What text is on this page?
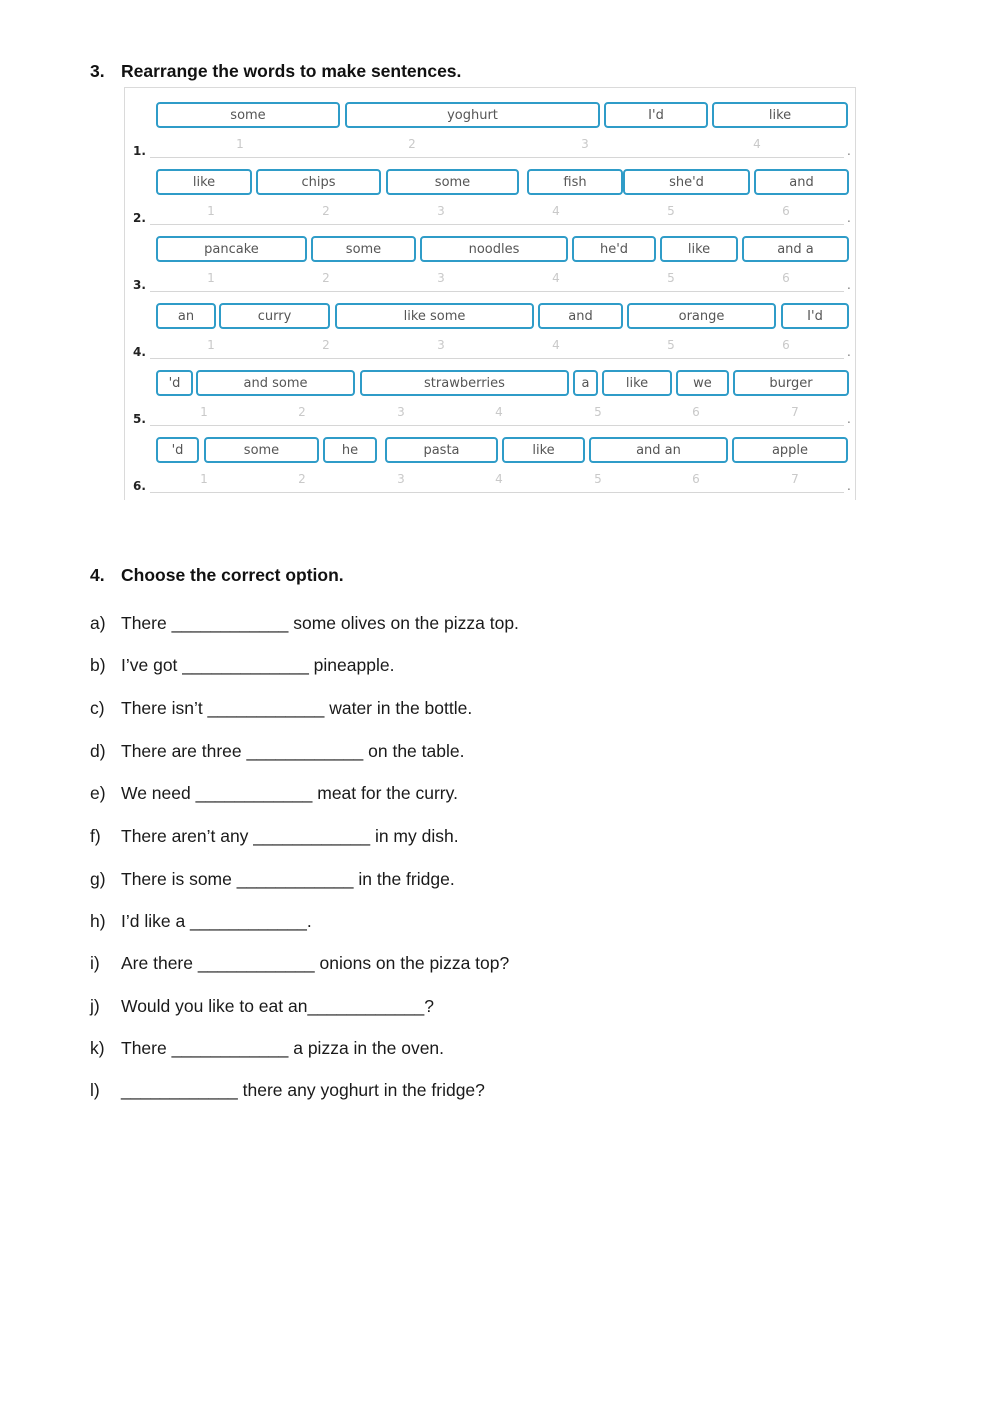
3. Rearrange the words to make sentences.
some	yoghurt	I'd	like
1	2	3	4
1.	.
like	chips	some	fish	she'd	and
1	2	3	4	5	6
2.	.
pancake	some	noodles	he'd	like	and a
1	2	3	4	5	6
3.	.
an	curry	like some	and	orange	I'd
1	2	3	4	5	6
4.	.
'd	and some	strawberries	a	like	we	burger
1	2	3	4	5	6	7
5.	.
'd	some	he	pasta	like	and an	apple
1	2	3	4	5	6	7
6.	.
4. Choose the correct option.

a) There ____________ some olives on the pizza top.

b) I’ve got _____________ pineapple.

c) There isn’t ____________ water in the bottle.

d) There are three ____________ on the table.

e) We need ____________ meat for the curry.

f) There aren’t any ____________ in my dish.

g) There is some ____________ in the fridge.

h) I’d like a ____________.

i) Are there ____________ onions on the pizza top?

j) Would you like to eat an____________?

k) There ____________ a pizza in the oven.

l) ____________ there any yoghurt in the fridge?
